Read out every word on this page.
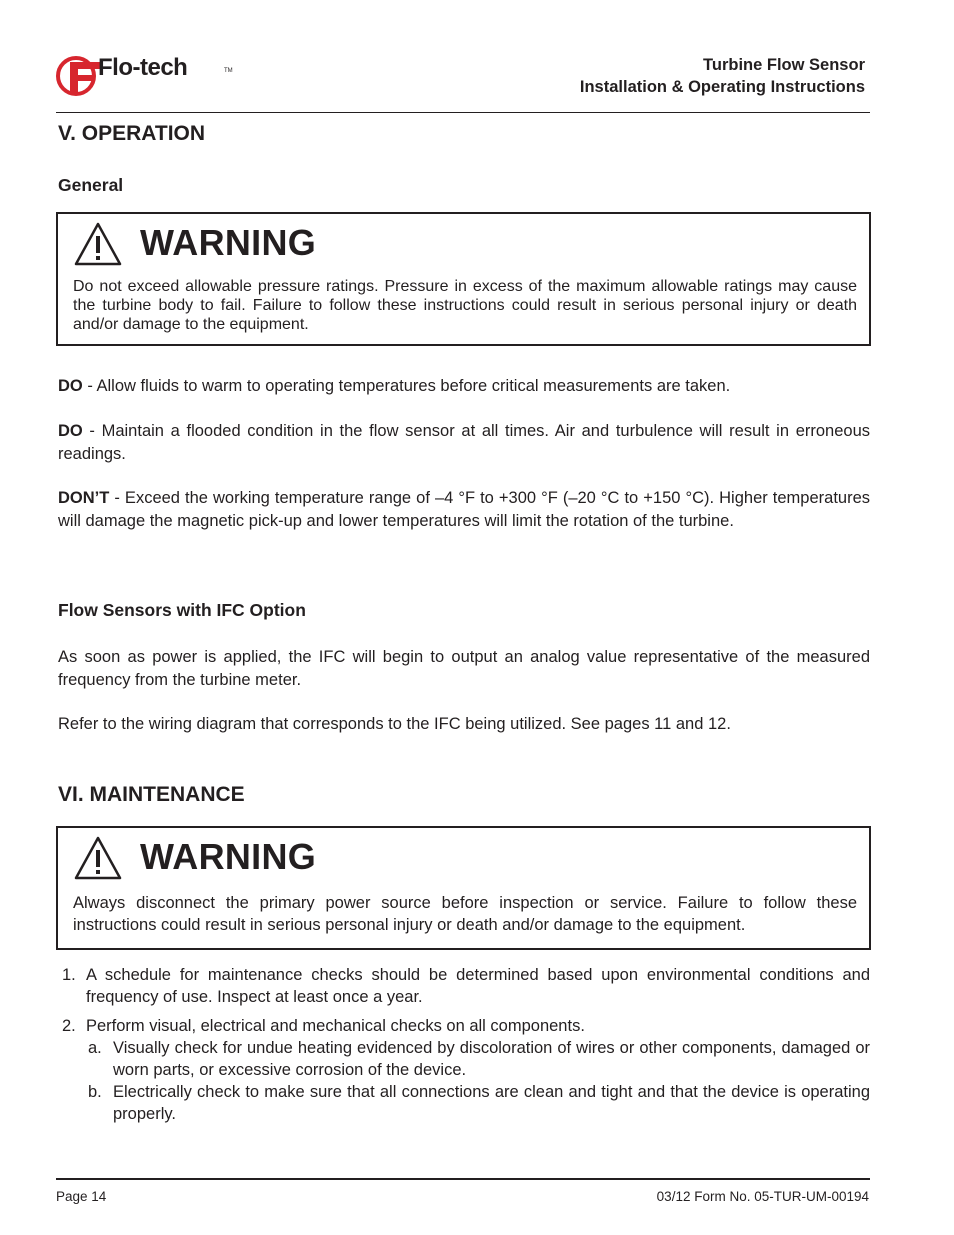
Flo-tech	TM	Turbine Flow Sensor
Installation & Operating Instructions
V. OPERATION
General
WARNING
Do not exceed allowable pressure ratings. Pressure in excess of the maximum allowable ratings may cause the turbine body to fail. Failure to follow these instructions could result in serious personal injury or death and/or damage to the equipment.
DO - Allow fluids to warm to operating temperatures before critical measurements are taken.
DO - Maintain a flooded condition in the flow sensor at all times. Air and turbulence will result in erroneous readings.
DON’T - Exceed the working temperature range of –4 °F to +300 °F (–20 °C to +150 °C). Higher temperatures will damage the magnetic pick-up and lower temperatures will limit the rotation of the turbine.
Flow Sensors with IFC Option
As soon as power is applied, the IFC will begin to output an analog value representative of the measured frequency from the turbine meter.
Refer to the wiring diagram that corresponds to the IFC being utilized. See pages 11 and 12.
VI. MAINTENANCE
WARNING
Always disconnect the primary power source before inspection or service. Failure to follow these instructions could result in serious personal injury or death and/or damage to the equipment.
1. A schedule for maintenance checks should be determined based upon environmental conditions and frequency of use. Inspect at least once a year.
2. Perform visual, electrical and mechanical checks on all components.
a. Visually check for undue heating evidenced by discoloration of wires or other components, damaged or worn parts, or excessive corrosion of the device.
b. Electrically check to make sure that all connections are clean and tight and that the device is operating properly.
Page 14	03/12 Form No. 05-TUR-UM-00194
